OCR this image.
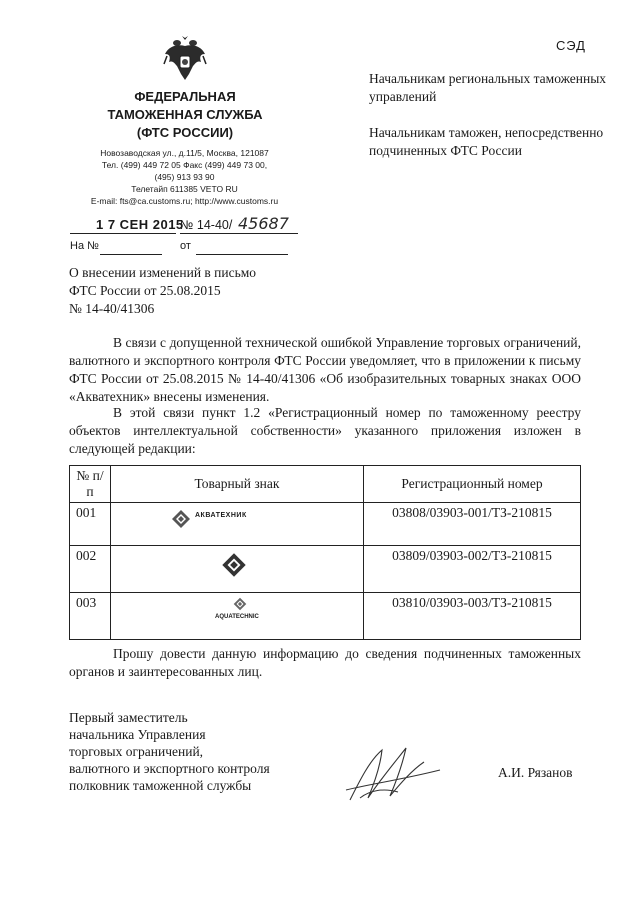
СЭД
ФЕДЕРАЛЬНАЯ
ТАМОЖЕННАЯ СЛУЖБА
(ФТС РОССИИ)
Новозаводская ул., д.11/5, Москва, 121087
Тел. (499) 449 72 05 Факс (499) 449 73 00,
(495) 913 93 90
Телетайп 611385 VETO RU
E-mail: fts@ca.customs.ru; http://www.customs.ru
1 7 СЕН 2015
№ 14-40/ 45687
На №	от
Начальникам региональных таможенных управлений
Начальникам таможен, непосредственно подчиненных ФТС России
О внесении изменений в письмо
ФТС России от 25.08.2015
№ 14-40/41306
В связи с допущенной технической ошибкой Управление торговых ограничений, валютного и экспортного контроля ФТС России уведомляет, что в приложении к письму ФТС России от 25.08.2015 № 14-40/41306 «Об изобразительных товарных знаках ООО «Акватехник» внесены изменения.
В этой связи пункт 1.2 «Регистрационный номер по таможенному реестру объектов интеллектуальной собственности» указанного приложения изложен в следующей редакции:
№ п/п	Товарный знак	Регистрационный номер
001	АКВАТЕХНИК	03808/03903-001/ТЗ-210815
002		03809/03903-002/ТЗ-210815
003	AQUATECHNIC	03810/03903-003/ТЗ-210815
Прошу довести данную информацию до сведения подчиненных таможенных органов и заинтересованных лиц.
Первый заместитель
начальника Управления
торговых ограничений,
валютного и экспортного контроля
полковник таможенной службы
А.И. Рязанов
